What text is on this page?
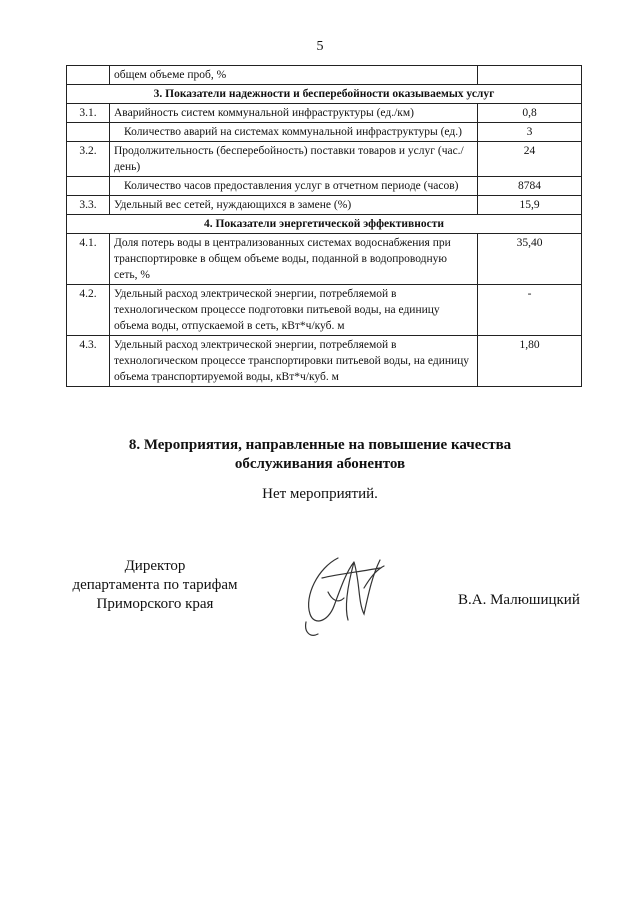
5
	общем объеме проб, %	
3. Показатели надежности и бесперебойности оказываемых услуг		
3.1.	Аварийность систем коммунальной инфраструктуры (ед./км)	0,8
	Количество аварий на системах коммунальной инфраструктуры (ед.)	3
3.2.	Продолжительность (бесперебойность) поставки товаров и услуг (час./день)	24
	Количество часов предоставления услуг в отчетном периоде (часов)	8784
3.3.	Удельный вес сетей, нуждающихся в замене (%)	15,9
4. Показатели энергетической эффективности		
4.1.	Доля потерь воды в централизованных системах водоснабжения при транспортировке в общем объеме воды, поданной в водопроводную сеть, %	35,40
4.2.	Удельный расход электрической энергии, потребляемой в технологическом процессе подготовки питьевой воды, на единицу объема воды, отпускаемой в сеть, кВт*ч/куб. м	-
4.3.	Удельный расход электрической энергии, потребляемой в технологическом процессе транспортировки питьевой воды, на единицу объема транспортируемой воды, кВт*ч/куб. м	1,80
8. Мероприятия, направленные на повышение качества
обслуживания абонентов
Нет мероприятий.
Директор
департамента по тарифам
Приморского края	В.А. Малюшицкий
